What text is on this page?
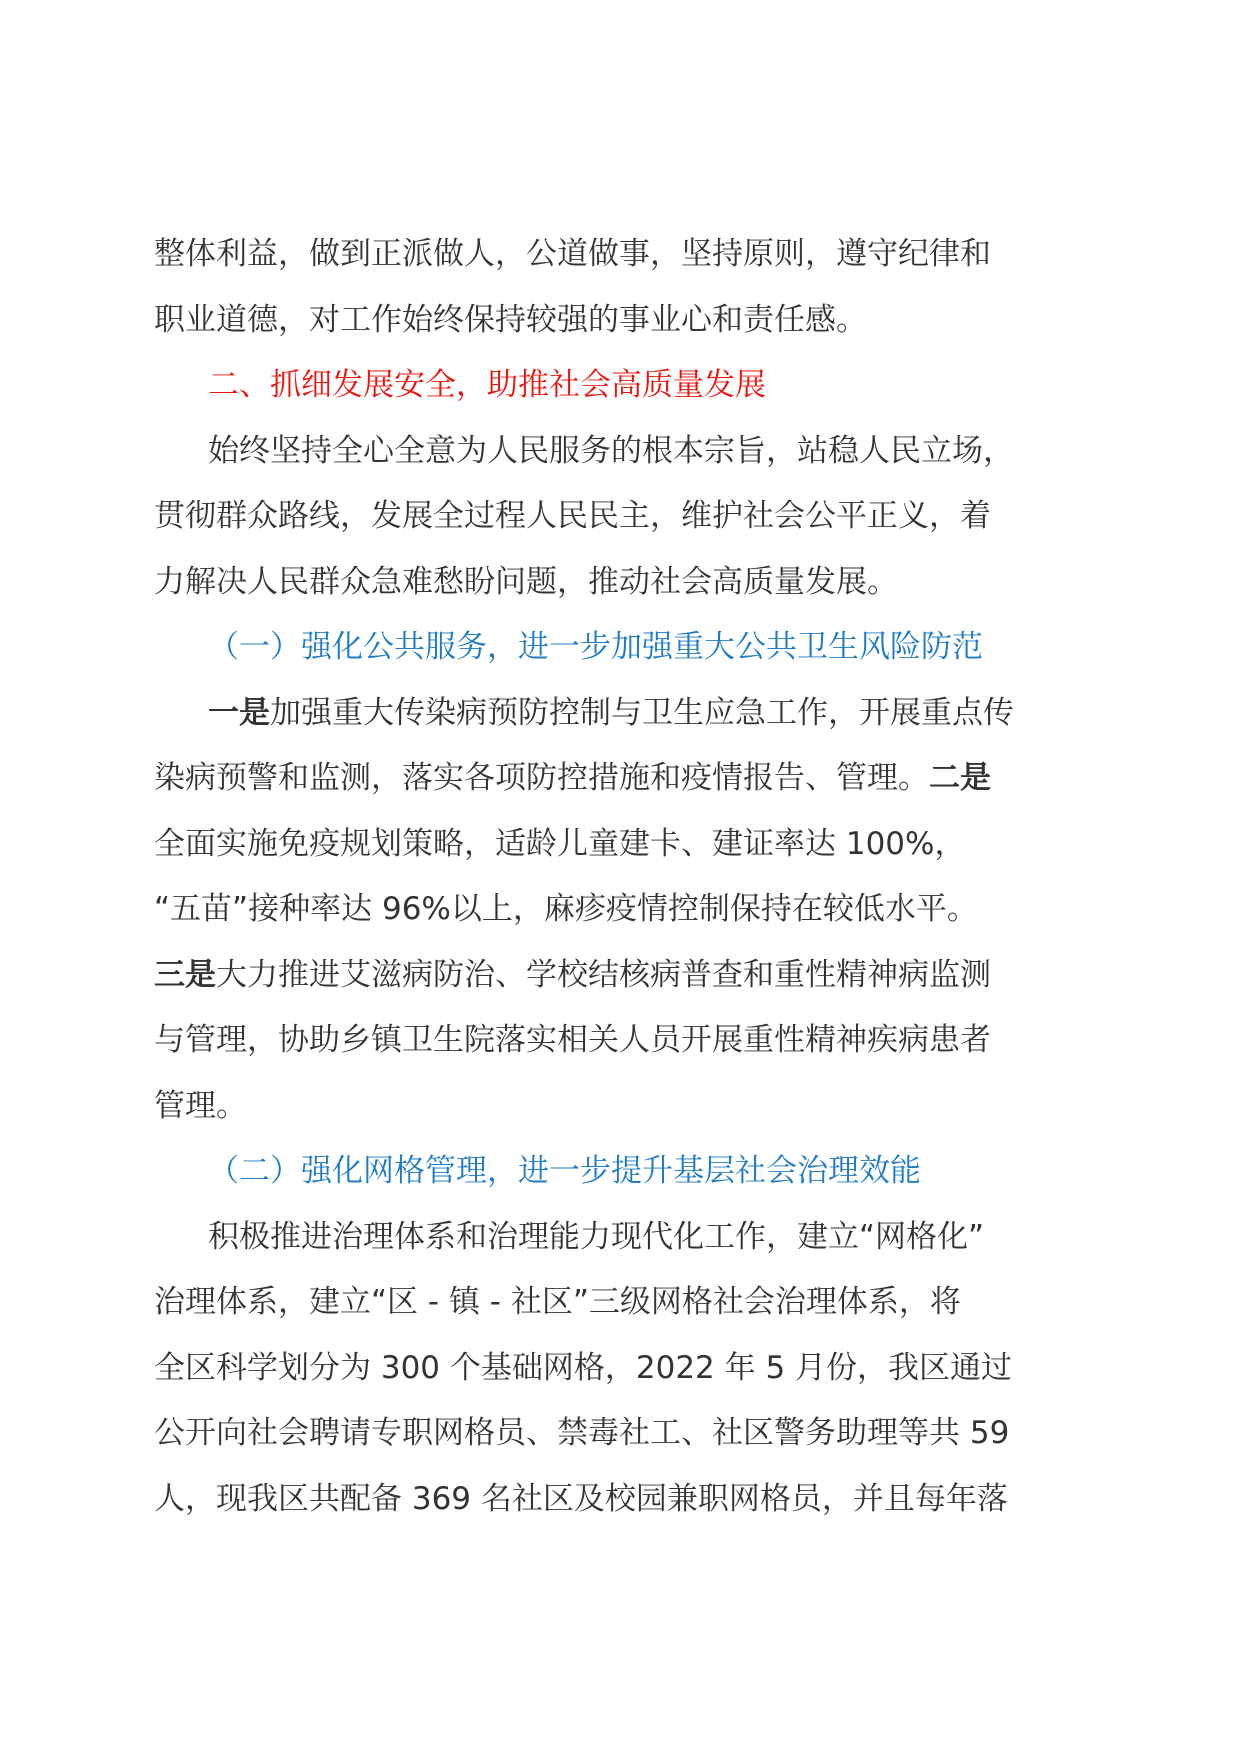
整体利益，做到正派做人，公道做事，坚持原则，遵守纪律和
职业道德，对工作始终保持较强的事业心和责任感。
二、抓细发展安全，助推社会高质量发展
始终坚持全心全意为人民服务的根本宗旨，站稳人民立场，
贯彻群众路线，发展全过程人民民主，维护社会公平正义，着
力解决人民群众急难愁盼问题，推动社会高质量发展。
（一）强化公共服务，进一步加强重大公共卫生风险防范
一是加强重大传染病预防控制与卫生应急工作，开展重点传
染病预警和监测，落实各项防控措施和疫情报告、管理。二是
全面实施免疫规划策略，适龄儿童建卡、建证率达 100%，
“五苗”接种率达 96%以上，麻疹疫情控制保持在较低水平。
三是大力推进艾滋病防治、学校结核病普查和重性精神病监测
与管理，协助乡镇卫生院落实相关人员开展重性精神疾病患者
管理。
（二）强化网格管理，进一步提升基层社会治理效能
积极推进治理体系和治理能力现代化工作，建立“网格化”
治理体系，建立“区 - 镇 - 社区”三级网格社会治理体系，将
全区科学划分为 300 个基础网格，2022 年 5 月份，我区通过
公开向社会聘请专职网格员、禁毒社工、社区警务助理等共 59
人，现我区共配备 369 名社区及校园兼职网格员，并且每年落
